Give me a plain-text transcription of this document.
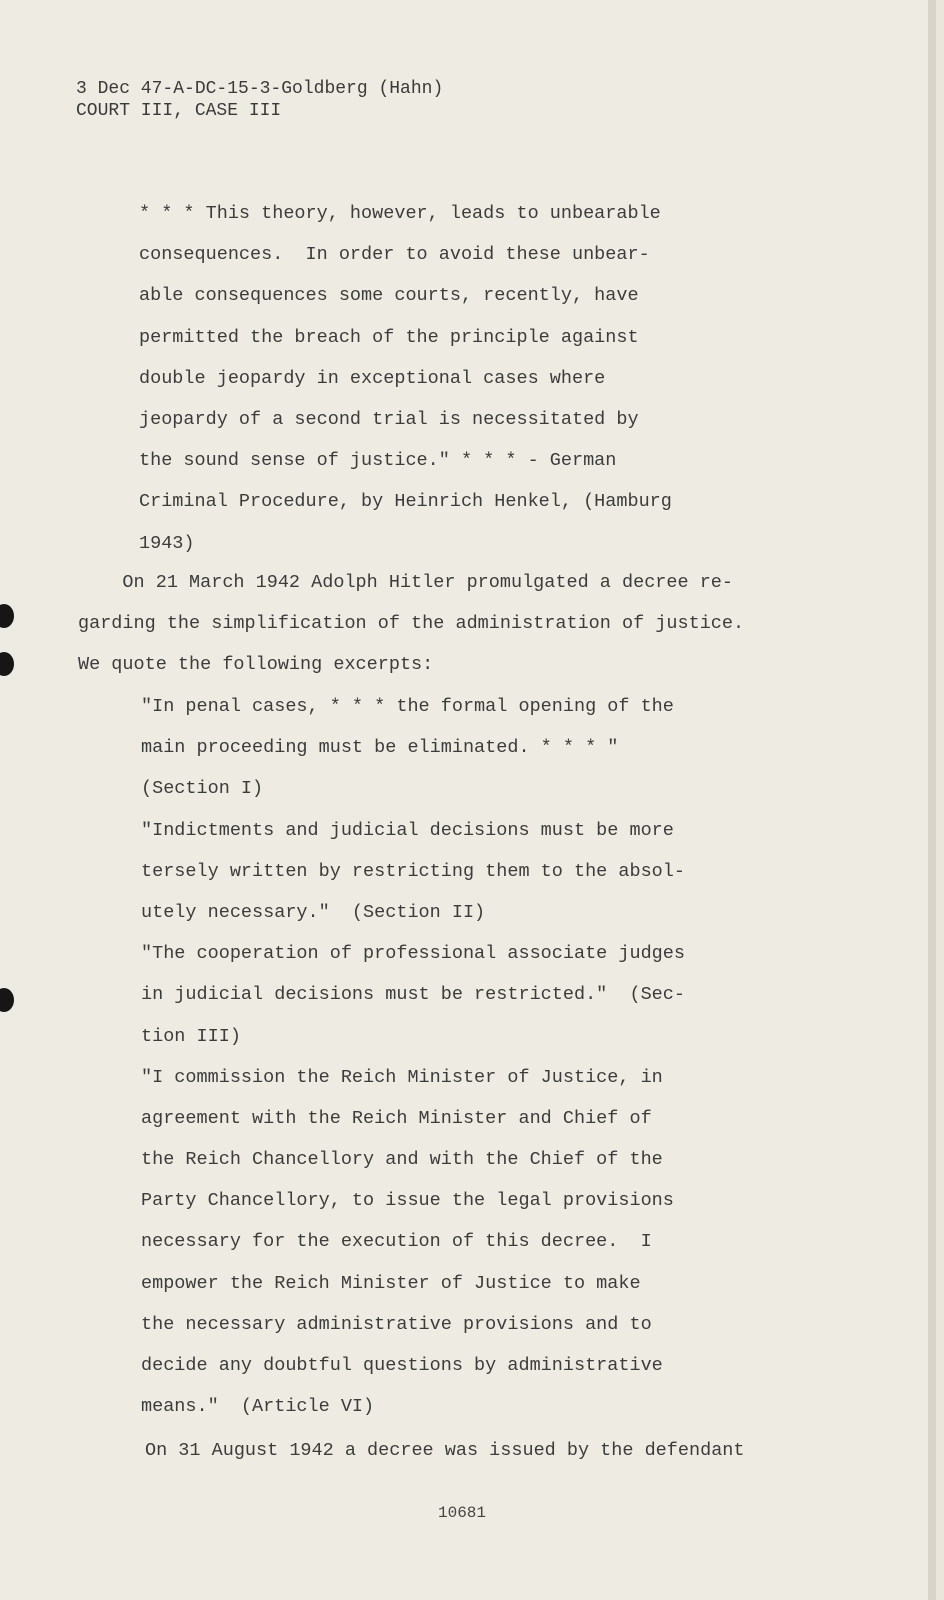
3 Dec 47-A-DC-15-3-Goldberg (Hahn)
COURT III, CASE III
* * * This theory, however, leads to unbearable
consequences.  In order to avoid these unbear-
able consequences some courts, recently, have
permitted the breach of the principle against
double jeopardy in exceptional cases where
jeopardy of a second trial is necessitated by
the sound sense of justice." * * * - German
Criminal Procedure, by Heinrich Henkel, (Hamburg
1943)
On 21 March 1942 Adolph Hitler promulgated a decree re-
garding the simplification of the administration of justice.
We quote the following excerpts:
"In penal cases, * * * the formal opening of the
main proceeding must be eliminated. * * * "
(Section I)
"Indictments and judicial decisions must be more
tersely written by restricting them to the absol-
utely necessary."  (Section II)
"The cooperation of professional associate judges
in judicial decisions must be restricted."  (Sec-
tion III)
"I commission the Reich Minister of Justice, in
agreement with the Reich Minister and Chief of
the Reich Chancellory and with the Chief of the
Party Chancellory, to issue the legal provisions
necessary for the execution of this decree.  I
empower the Reich Minister of Justice to make
the necessary administrative provisions and to
decide any doubtful questions by administrative
means."  (Article VI)
On 31 August 1942 a decree was issued by the defendant
10681
